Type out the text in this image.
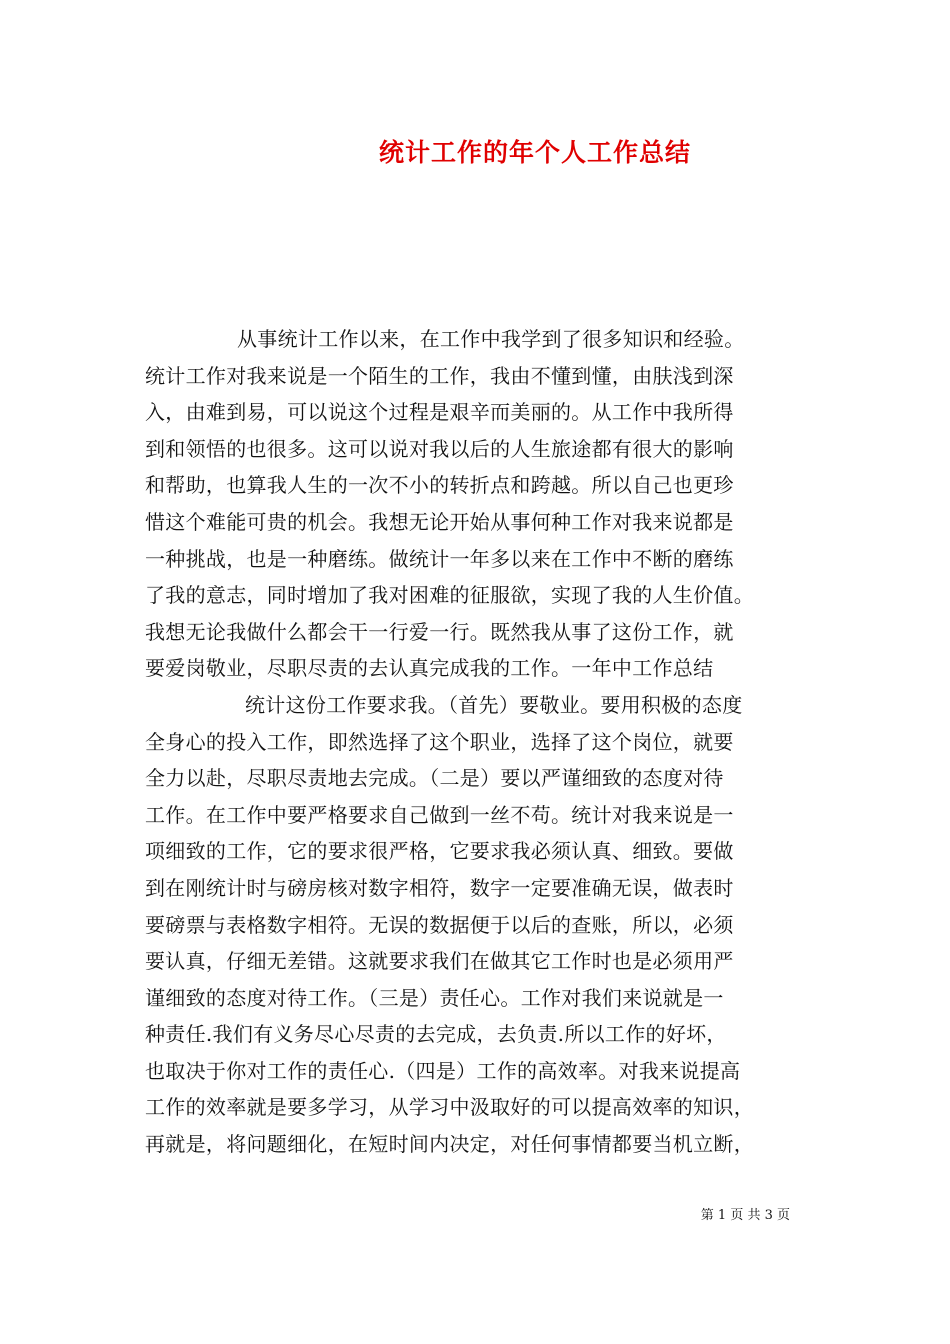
统计工作的年个人工作总结
从事统计工作以来，在工作中我学到了很多知识和经验。
统计工作对我来说是一个陌生的工作，我由不懂到懂，由肤浅到深
入，由难到易，可以说这个过程是艰辛而美丽的。从工作中我所得
到和领悟的也很多。这可以说对我以后的人生旅途都有很大的影响
和帮助，也算我人生的一次不小的转折点和跨越。所以自己也更珍
惜这个难能可贵的机会。我想无论开始从事何种工作对我来说都是
一种挑战，也是一种磨练。做统计一年多以来在工作中不断的磨练
了我的意志，同时增加了我对困难的征服欲，实现了我的人生价值。
我想无论我做什么都会干一行爱一行。既然我从事了这份工作，就
要爱岗敬业，尽职尽责的去认真完成我的工作。一年中工作总结
统计这份工作要求我。（首先）要敬业。要用积极的态度
全身心的投入工作，即然选择了这个职业，选择了这个岗位，就要
全力以赴，尽职尽责地去完成。（二是）要以严谨细致的态度对待
工作。在工作中要严格要求自己做到一丝不苟。统计对我来说是一
项细致的工作，它的要求很严格，它要求我必须认真、细致。要做
到在刚统计时与磅房核对数字相符，数字一定要准确无误，做表时
要磅票与表格数字相符。无误的数据便于以后的查账，所以，必须
要认真，仔细无差错。这就要求我们在做其它工作时也是必须用严
谨细致的态度对待工作。（三是）责任心。工作对我们来说就是一
种责任.我们有义务尽心尽责的去完成，去负责.所以工作的好坏，
也取决于你对工作的责任心.（四是）工作的高效率。对我来说提高
工作的效率就是要多学习，从学习中汲取好的可以提高效率的知识，
再就是，将问题细化，在短时间内决定，对任何事情都要当机立断，
第 1 页 共 3 页
